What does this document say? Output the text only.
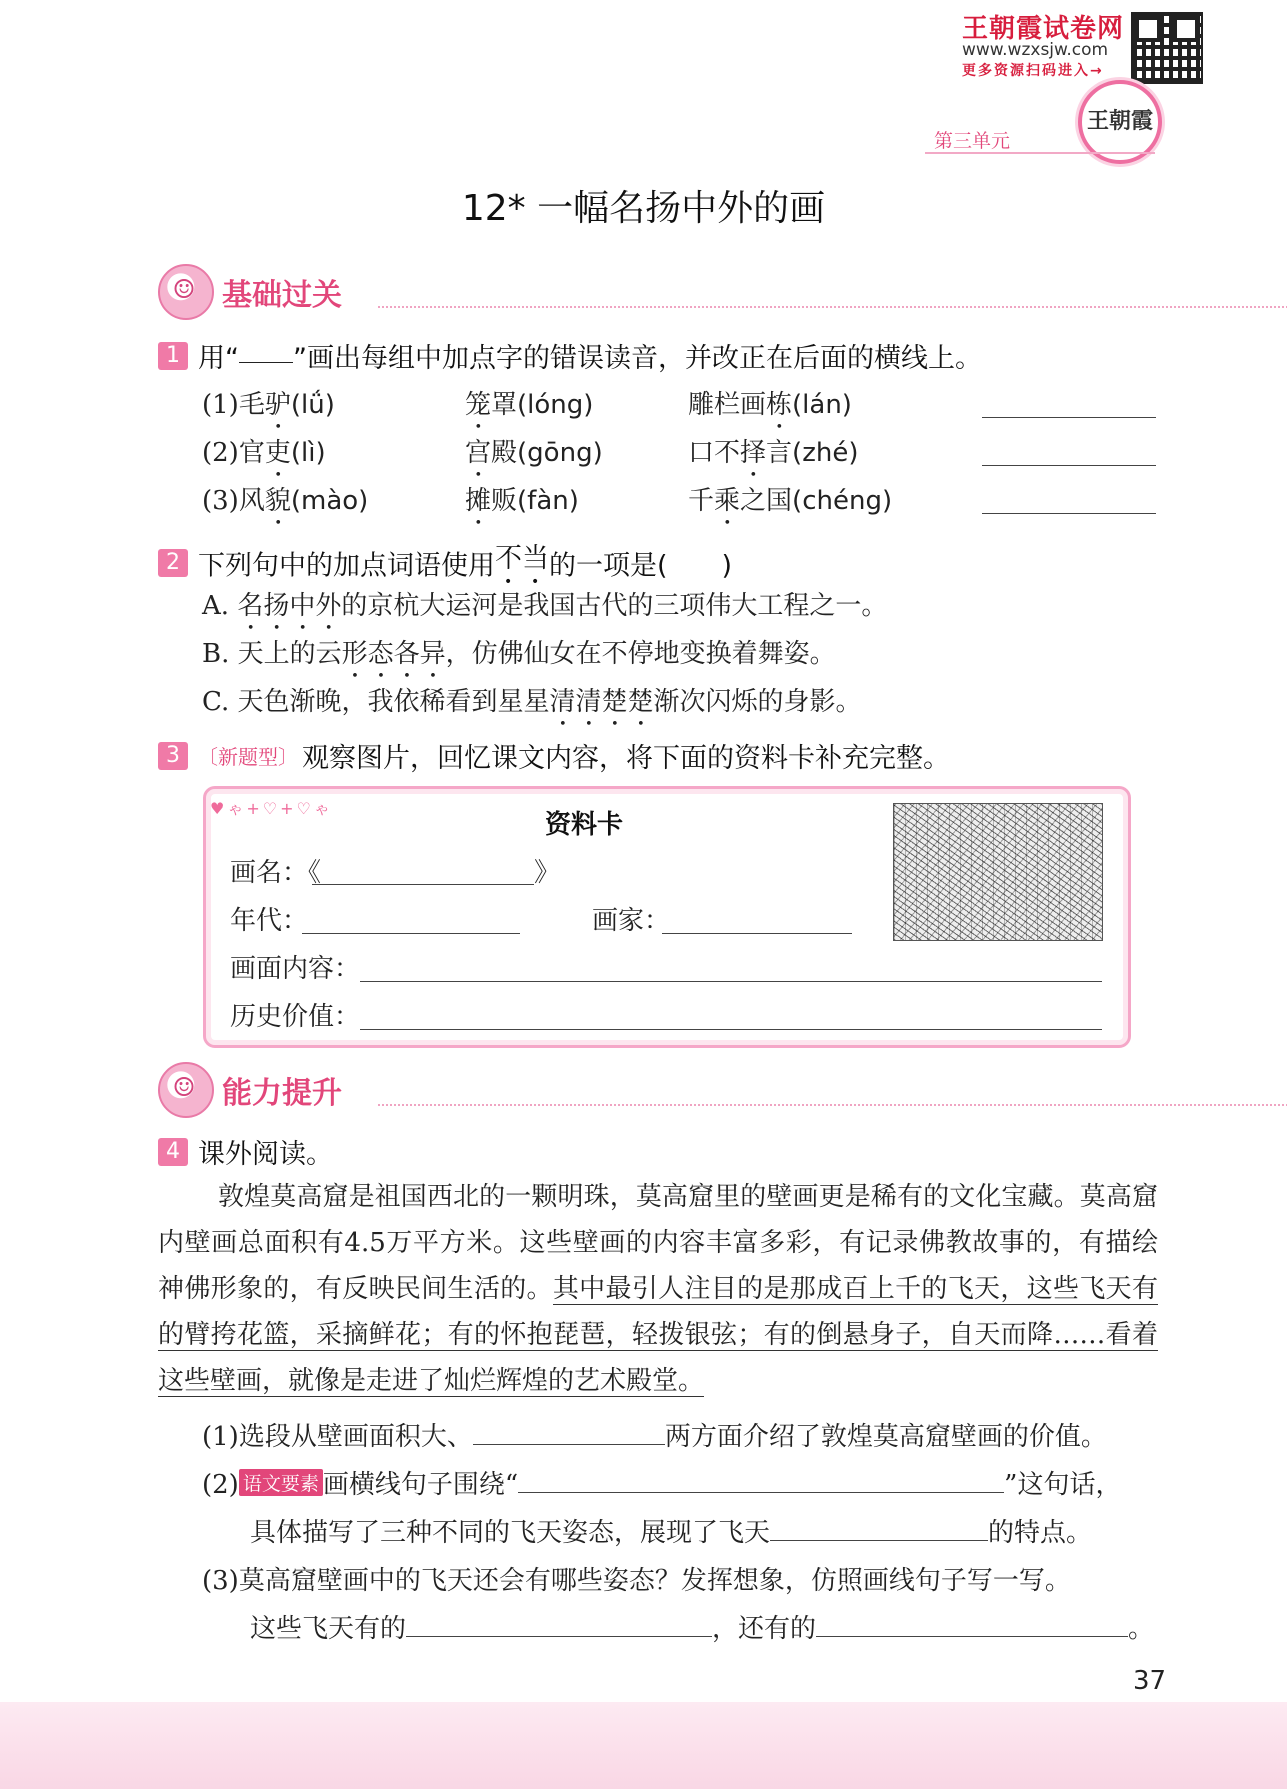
王朝霞试卷网
www.wzxsjw.com
更多资源扫码进入→
王朝霞
第三单元
12* 一幅名扬中外的画
☺ 基础过关
1 用“ ”画出每组中加点字的错误读音，并改正在后面的横线上。
(1)毛驴(lǘ)	笼罩(lóng)	雕栏画栋(lán)
(2)官吏(lì)	宫殿(gōng)	口不择言(zhé)
(3)风貌(mào)	摊贩(fàn)	千乘之国(chéng)
2 下列句中的加点词语使用不当的一项是(　　)
A. 名扬中外的京杭大运河是我国古代的三项伟大工程之一。
B. 天上的云形态各异，仿佛仙女在不停地变换着舞姿。
C. 天色渐晚，我依稀看到星星清清楚楚渐次闪烁的身影。
3 〔新题型〕 观察图片，回忆课文内容，将下面的资料卡补充完整。
♥ゃ+♡+♡ゃ
资料卡
画名：《	》
年代：	画家：
画面内容：
历史价值：
☺ 能力提升
4 课外阅读。
敦煌莫高窟是祖国西北的一颗明珠，莫高窟里的壁画更是稀有的文化宝藏。莫高窟内壁画总面积有4.5万平方米。这些壁画的内容丰富多彩，有记录佛教故事的，有描绘神佛形象的，有反映民间生活的。其中最引人注目的是那成百上千的飞天，这些飞天有的臂挎花篮，采摘鲜花；有的怀抱琵琶，轻拨银弦；有的倒悬身子，自天而降……看着这些壁画，就像是走进了灿烂辉煌的艺术殿堂。
(1)选段从壁画面积大、	两方面介绍了敦煌莫高窟壁画的价值。
(2) 语文要素 画横线句子围绕“	”这句话，
具体描写了三种不同的飞天姿态，展现了飞天	的特点。
(3)莫高窟壁画中的飞天还会有哪些姿态？发挥想象，仿照画线句子写一写。
这些飞天有的	，还有的	。
37
